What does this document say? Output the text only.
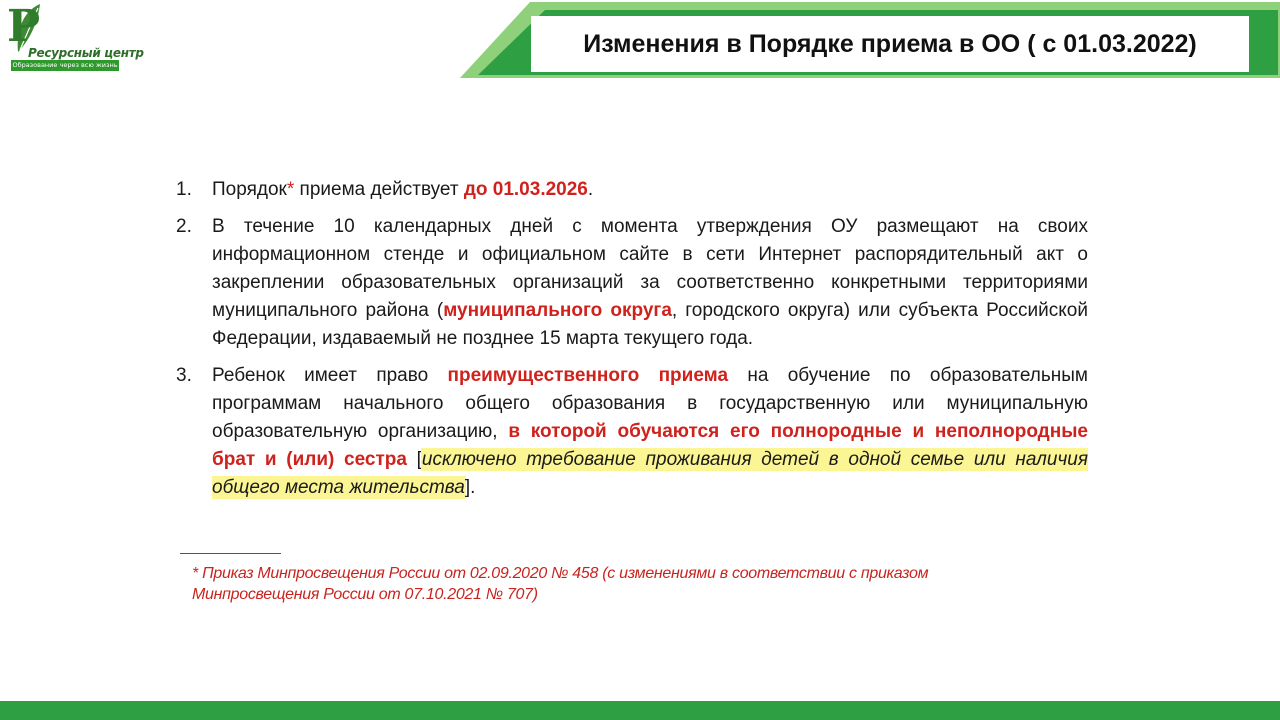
Изменения в Порядке приема в ОО ( с 01.03.2022)
Р
Ресурсный центр
Образование через всю жизнь
1. Порядок* приема действует до 01.03.2026.
2. В течение 10 календарных дней с момента утверждения ОУ размещают на своих информационном стенде и официальном сайте в сети Интернет распорядительный акт о закреплении образовательных организаций за соответственно конкретными территориями муниципального района (муниципального округа, городского округа) или субъекта Российской Федерации, издаваемый не позднее 15 марта текущего года.
3. Ребенок имеет право преимущественного приема на обучение по образовательным программам начального общего образования в государственную или муниципальную образовательную организацию, в которой обучаются его полнородные и неполнородные брат и (или) сестра [исключено требование проживания детей в одной семье или наличия общего места жительства].
* Приказ Минпросвещения России от 02.09.2020 № 458 (с изменениями в соответствии с приказом Минпросвещения России от 07.10.2021 № 707)
